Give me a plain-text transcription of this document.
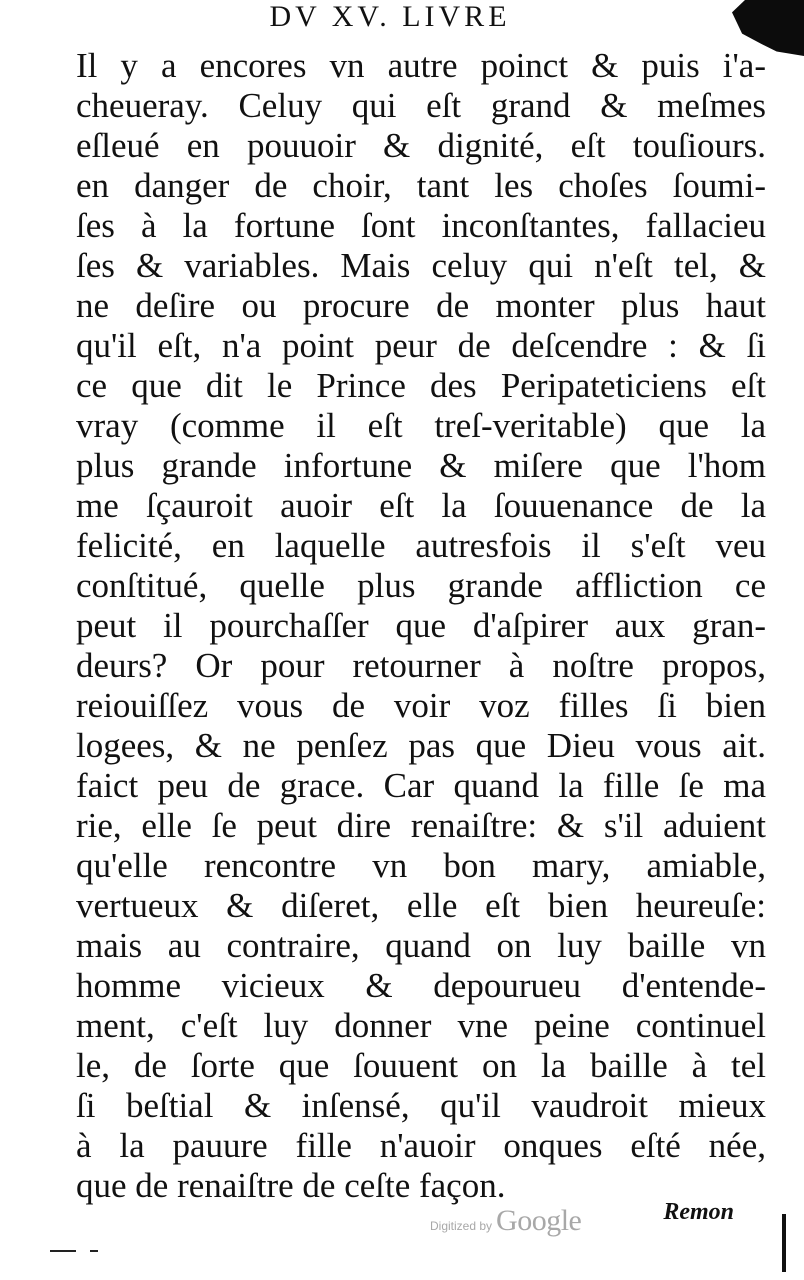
DV XV. LIVRE
Il y a encores vn autre poinct & puis i'a-
cheueray. Celuy qui eſt grand & meſmes
eſleué en pouuoir & dignité, eſt touſiours.
en danger de choir, tant les choſes ſoumi-
ſes à la fortune ſont inconſtantes, fallacieu
ſes & variables. Mais celuy qui n'eſt tel, &
ne deſire ou procure de monter plus haut
qu'il eſt, n'a point peur de deſcendre : & ſi
ce que dit le Prince des Peripateticiens eſt
vray (comme il eſt treſ-veritable) que la
plus grande infortune & miſere que l'hom
me ſçauroit auoir eſt la ſouuenance de la
felicité, en laquelle autresfois il s'eſt veu
conſtitué, quelle plus grande affliction ce
peut il pourchaſſer que d'aſpirer aux gran-
deurs? Or pour retourner à noſtre propos,
reiouiſſez vous de voir voz filles ſi bien
logees, & ne penſez pas que Dieu vous ait.
faict peu de grace. Car quand la fille ſe ma
rie, elle ſe peut dire renaiſtre: & s'il aduient
qu'elle rencontre vn bon mary, amiable,
vertueux & diſeret, elle eſt bien heureuſe:
mais au contraire, quand on luy baille vn
homme vicieux & depourueu d'entende-
ment, c'eſt luy donner vne peine continuel
le, de ſorte que ſouuent on la baille à tel
ſi beſtial & inſensé, qu'il vaudroit mieux
à la pauure fille n'auoir onques eſté née,
que de renaiſtre de ceſte façon.
Digitized by Google	Remon
